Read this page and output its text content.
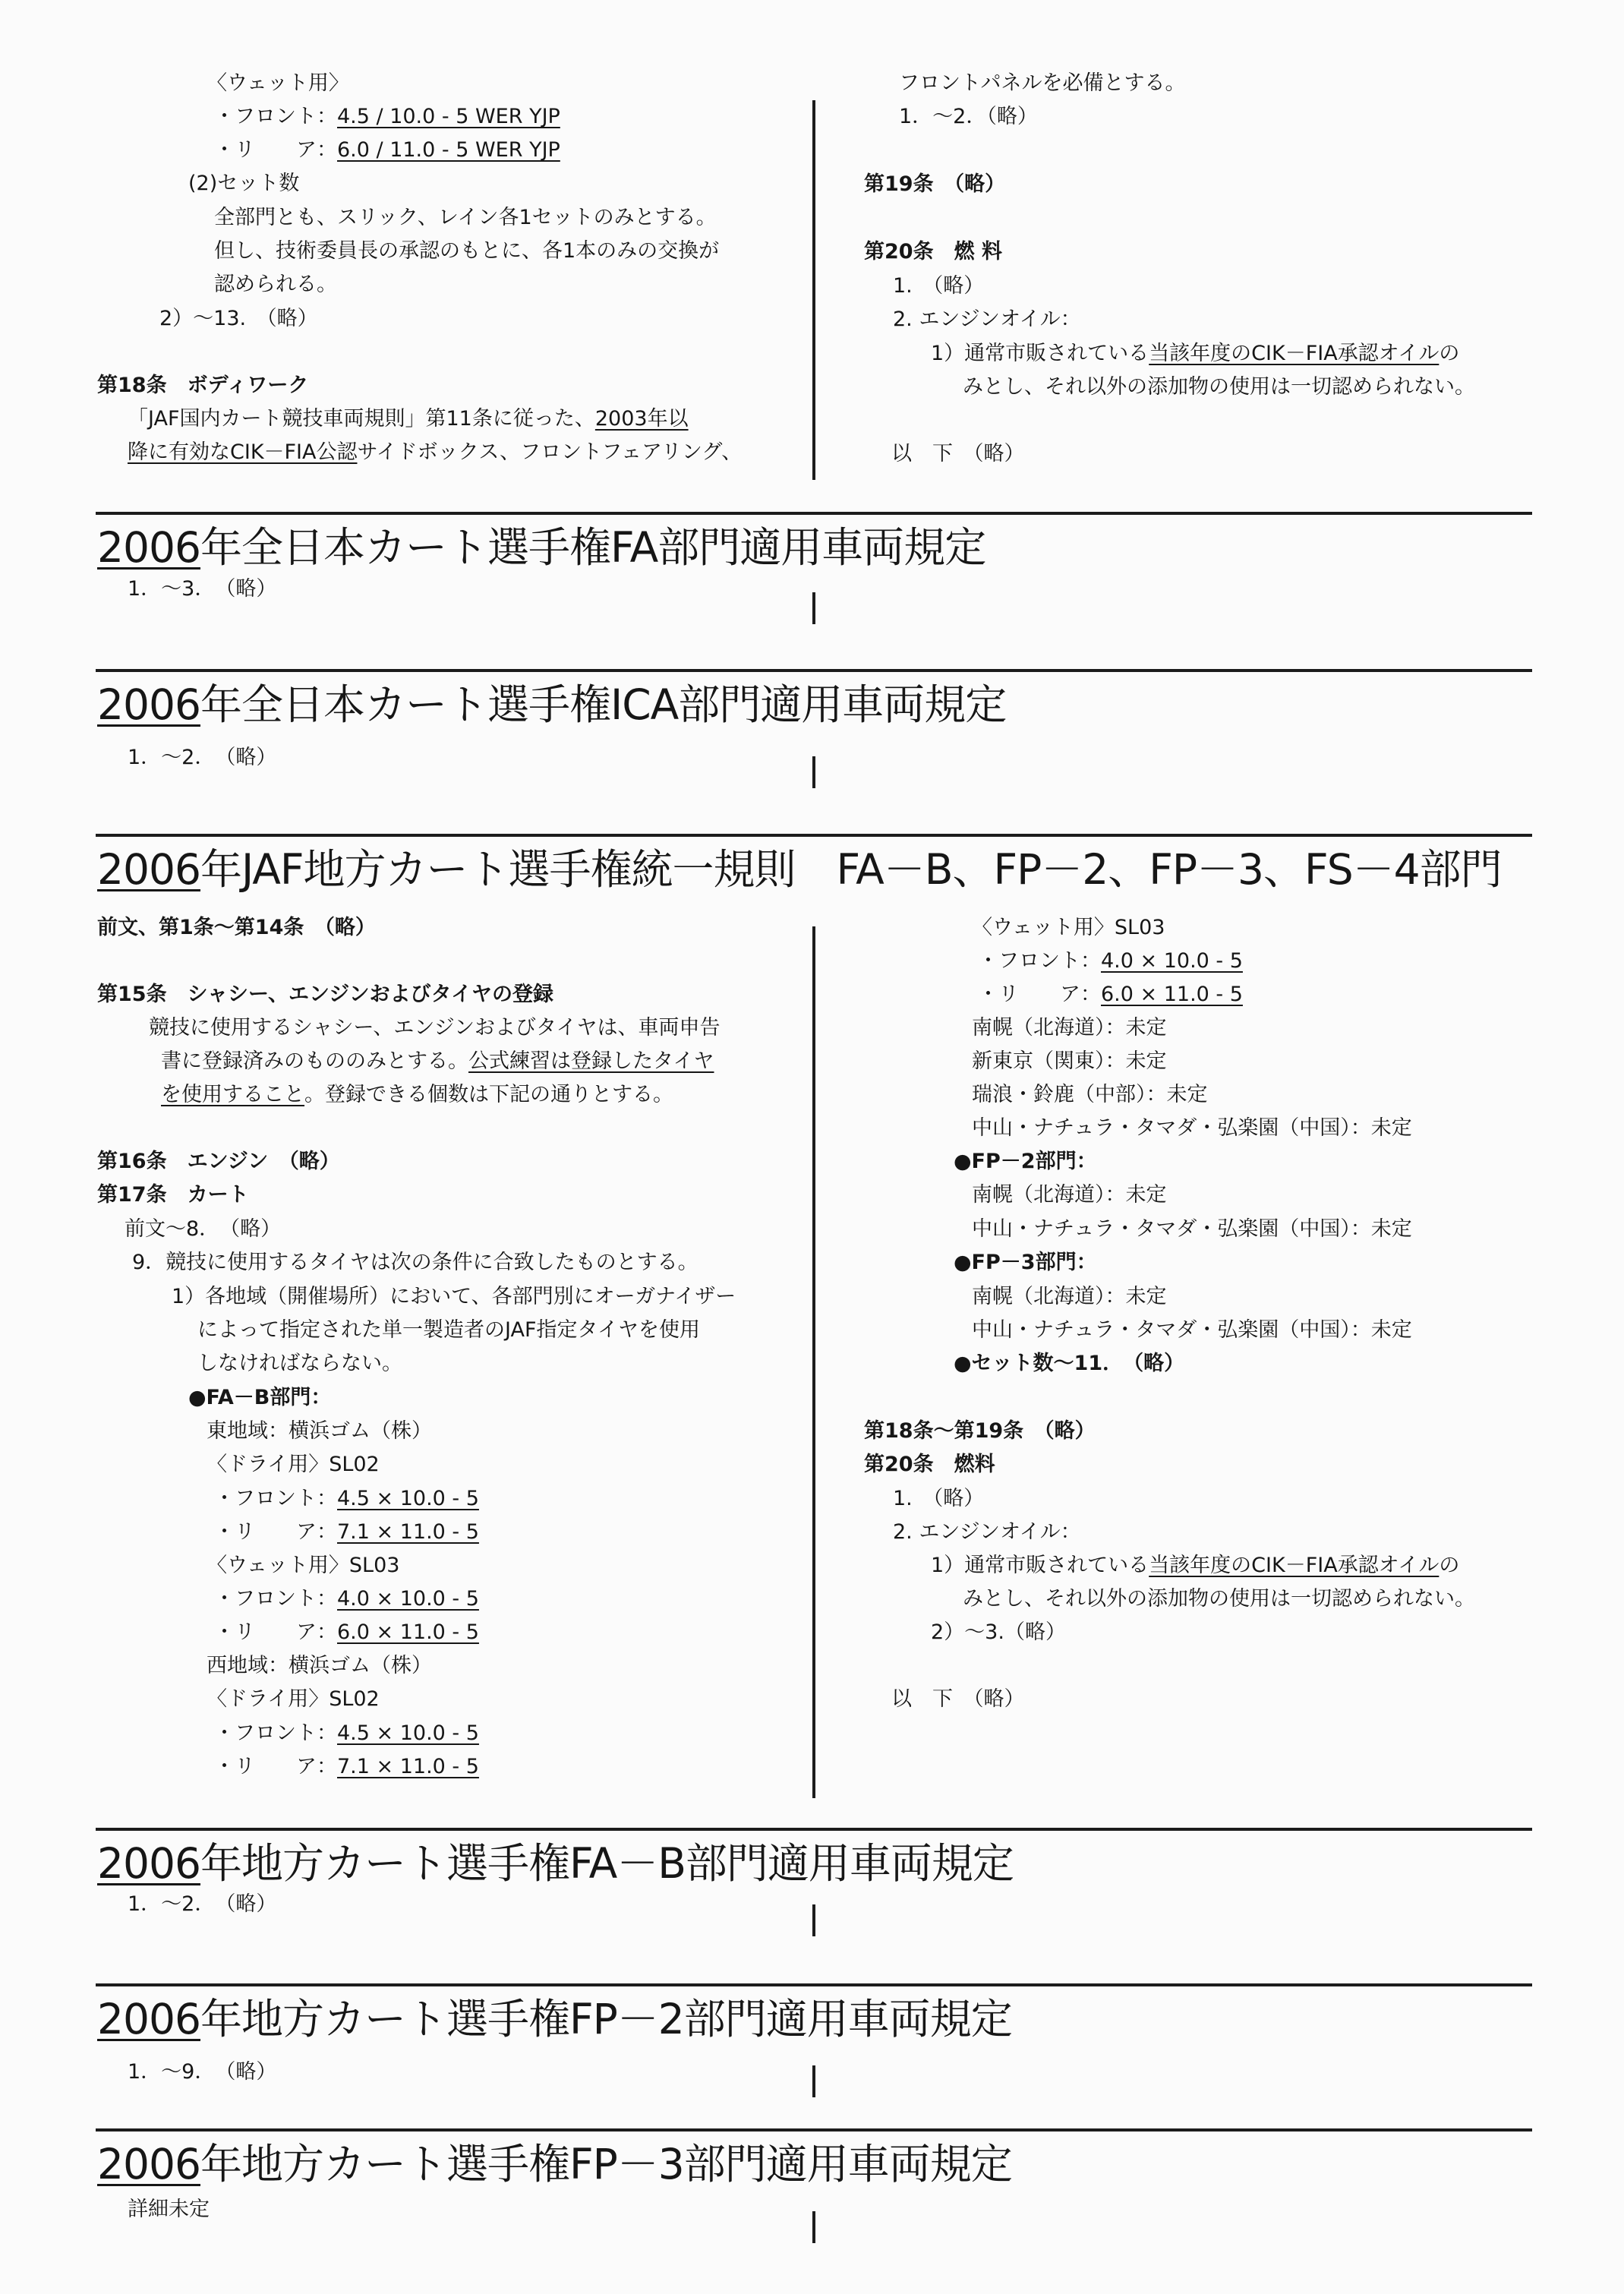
〈ウェット用〉
・フロント：4.5 / 10.0 - 5 WER YJP
・リ　　ア：6.0 / 11.0 - 5 WER YJP
(2)セット数
全部門とも、スリック、レイン各1セットのみとする。
但し、技術委員長の承認のもとに、各1本のみの交換が
認められる。
2）～13.　（略）
第18条　ボディワーク
「JAF国内カート競技車両規則」第11条に従った、2003年以
降に有効なCIK－FIA公認サイドボックス、フロントフェアリング、
フロントパネルを必備とする。
1．～2．（略）
第19条　（略）
第20条　燃 料
1.　（略）
2. エンジンオイル：
1）通常市販されている当該年度のCIK－FIA承認オイルの
みとし、それ以外の添加物の使用は一切認められない。
以　下　（略）
前文、第1条～第14条　（略）
第15条　シャシー、エンジンおよびタイヤの登録
競技に使用するシャシー、エンジンおよびタイヤは、車両申告
書に登録済みのもののみとする。公式練習は登録したタイヤ
を使用すること。登録できる個数は下記の通りとする。
第16条　エンジン　（略）
第17条　カート
前文～8．　（略）
9．競技に使用するタイヤは次の条件に合致したものとする。
1）各地域（開催場所）において、各部門別にオーガナイザー
によって指定された単一製造者のJAF指定タイヤを使用
しなければならない。
●FA－B部門：
東地域：横浜ゴム（株）
〈ドライ用〉SL02
・フロント：4.5 × 10.0 - 5
・リ　　ア：7.1 × 11.0 - 5
〈ウェット用〉SL03
・フロント：4.0 × 10.0 - 5
・リ　　ア：6.0 × 11.0 - 5
西地域：横浜ゴム（株）
〈ドライ用〉SL02
・フロント：4.5 × 10.0 - 5
・リ　　ア：7.1 × 11.0 - 5
〈ウェット用〉SL03
・フロント：4.0 × 10.0 - 5
・リ　　ア：6.0 × 11.0 - 5
南幌（北海道）：未定
新東京（関東）：未定
瑞浪・鈴鹿（中部）：未定
中山・ナチュラ・タマダ・弘楽園（中国）：未定
●FP－2部門：
南幌（北海道）：未定
中山・ナチュラ・タマダ・弘楽園（中国）：未定
●FP－3部門：
南幌（北海道）：未定
中山・ナチュラ・タマダ・弘楽園（中国）：未定
●セット数～11．　（略）
第18条～第19条　（略）
第20条　燃料
1.　（略）
2. エンジンオイル：
1）通常市販されている当該年度のCIK－FIA承認オイルの
みとし、それ以外の添加物の使用は一切認められない。
2）～3.（略）
以　下　（略）
2006年全日本カート選手権FA部門適用車両規定
1．～3．　（略）
2006年全日本カート選手権ICA部門適用車両規定
1．～2．　（略）
2006年JAF地方カート選手権統一規則　FA－B、FP－2、FP－3、FS－4部門
2006年地方カート選手権FA－B部門適用車両規定
1．～2．　（略）
2006年地方カート選手権FP－2部門適用車両規定
1．～9．　（略）
2006年地方カート選手権FP－3部門適用車両規定
詳細未定
